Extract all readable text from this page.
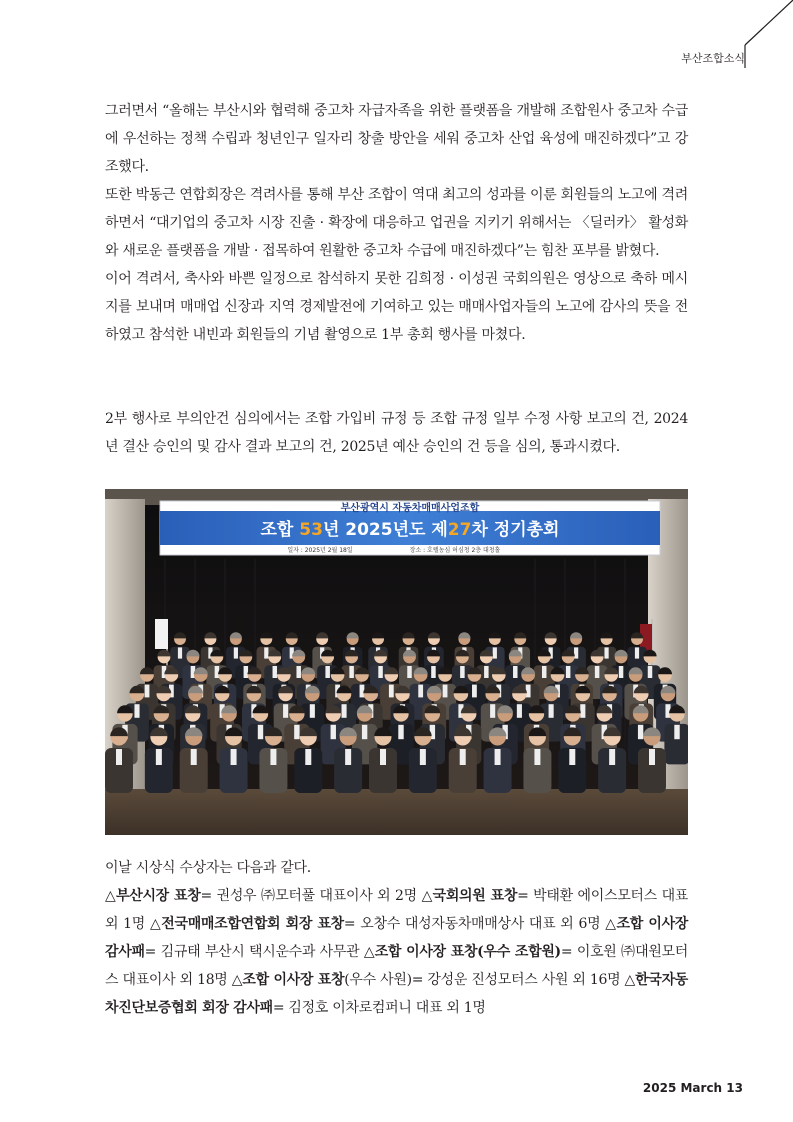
부산조합소식

그러면서 “올해는 부산시와 협력해 중고차 자급자족을 위한 플랫폼을 개발해 조합원사 중고차 수급에 우선하는 정책 수립과 청년인구 일자리 창출 방안을 세워 중고차 산업 육성에 매진하겠다”고 강조했다.

또한 박동근 연합회장은 격려사를 통해 부산 조합이 역대 최고의 성과를 이룬 회원들의 노고에 격려하면서 “대기업의 중고차 시장 진출 · 확장에 대응하고 업권을 지키기 위해서는 〈딜러카〉 활성화와 새로운 플랫폼을 개발 · 접목하여 원활한 중고차 수급에 매진하겠다”는 힘찬 포부를 밝혔다.

이어 격려서, 축사와 바쁜 일정으로 참석하지 못한 김희정 · 이성권 국회의원은 영상으로 축하 메시지를 보내며 매매업 신장과 지역 경제발전에 기여하고 있는 매매사업자들의 노고에 감사의 뜻을 전하였고 참석한 내빈과 회원들의 기념 촬영으로 1부 총회 행사를 마쳤다.

2부 행사로 부의안건 심의에서는 조합 가입비 규정 등 조합 규정 일부 수정 사항 보고의 건, 2024년 결산 승인의 및 감사 결과 보고의 건, 2025년 예산 승인의 건 등을 심의, 통과시켰다.

부산광역시 자동차매매사업조합
조합 53년 2025년도 제27차 정기총회
일자 : 2025년 2월 18일	장소 : 호텔농심 허심청 2층 대청홀

이날 시상식 수상자는 다음과 같다.

△부산시장 표창= 권성우 ㈜모터풀 대표이사 외 2명 △국회의원 표창= 박태환 에이스모터스 대표 외 1명 △전국매매조합연합회 회장 표창= 오창수 대성자동차매매상사 대표 외 6명 △조합 이사장 감사패= 김규태 부산시 택시운수과 사무관 △조합 이사장 표창(우수 조합원)= 이호원 ㈜대원모터스 대표이사 외 18명 △조합 이사장 표창(우수 사원)= 강성운 진성모터스 사원 외 16명 △한국자동차진단보증협회 회장 감사패= 김정호 이차로컴퍼니 대표 외 1명

2025 March 13
